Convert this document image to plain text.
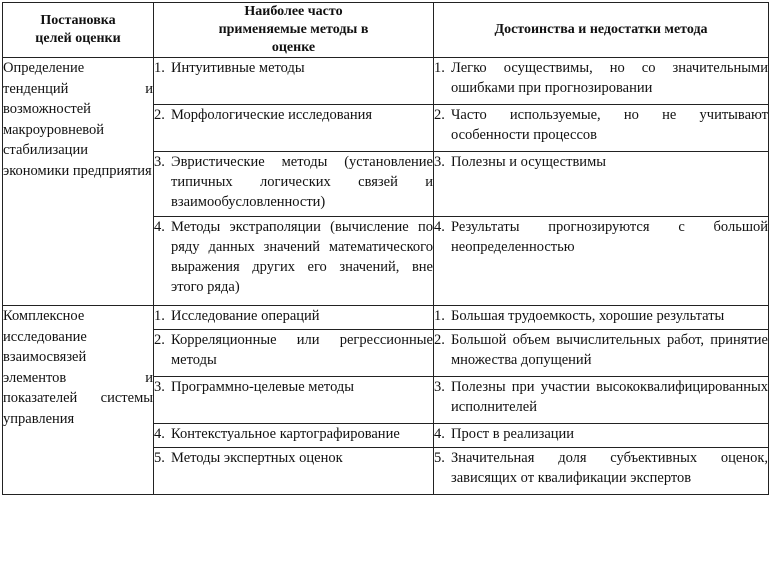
Постановка целей оценки	Наиболее часто применяемые методы в оценке	Достоинства и недостатки метода
Определение тенденций и возможностей макроуровневой стабилизации экономики предприятия	1. Интуитивные методы	1. Легко осуществимы, но со значительными ошибками при прогнозировании

	2. Морфологические исследования	2. Часто используемые, но не учитывают особенности процессов

	3. Эвристические методы (установление типичных логических связей и взаимообусловленности)	3. Полезны и осуществимы

	4. Методы экстраполяции (вычисление по ряду данных значений математического выражения других его значений, вне этого ряда)	4. Результаты прогнозируются с большой неопределенностью

Комплексное исследование взаимосвязей элементов и показателей системы управления	1. Исследование операций	1. Большая трудоемкость, хорошие результаты

	2. Корреляционные или регрессионные методы	2. Большой объем вычислительных работ, принятие множества допущений

	3. Программно-целевые методы	3. Полезны при участии высококвалифицированных исполнителей

	4. Контекстуальное картографирование	4. Прост в реализации

	5. Методы экспертных оценок	5. Значительная доля субъективных оценок, зависящих от квалификации экспертов
